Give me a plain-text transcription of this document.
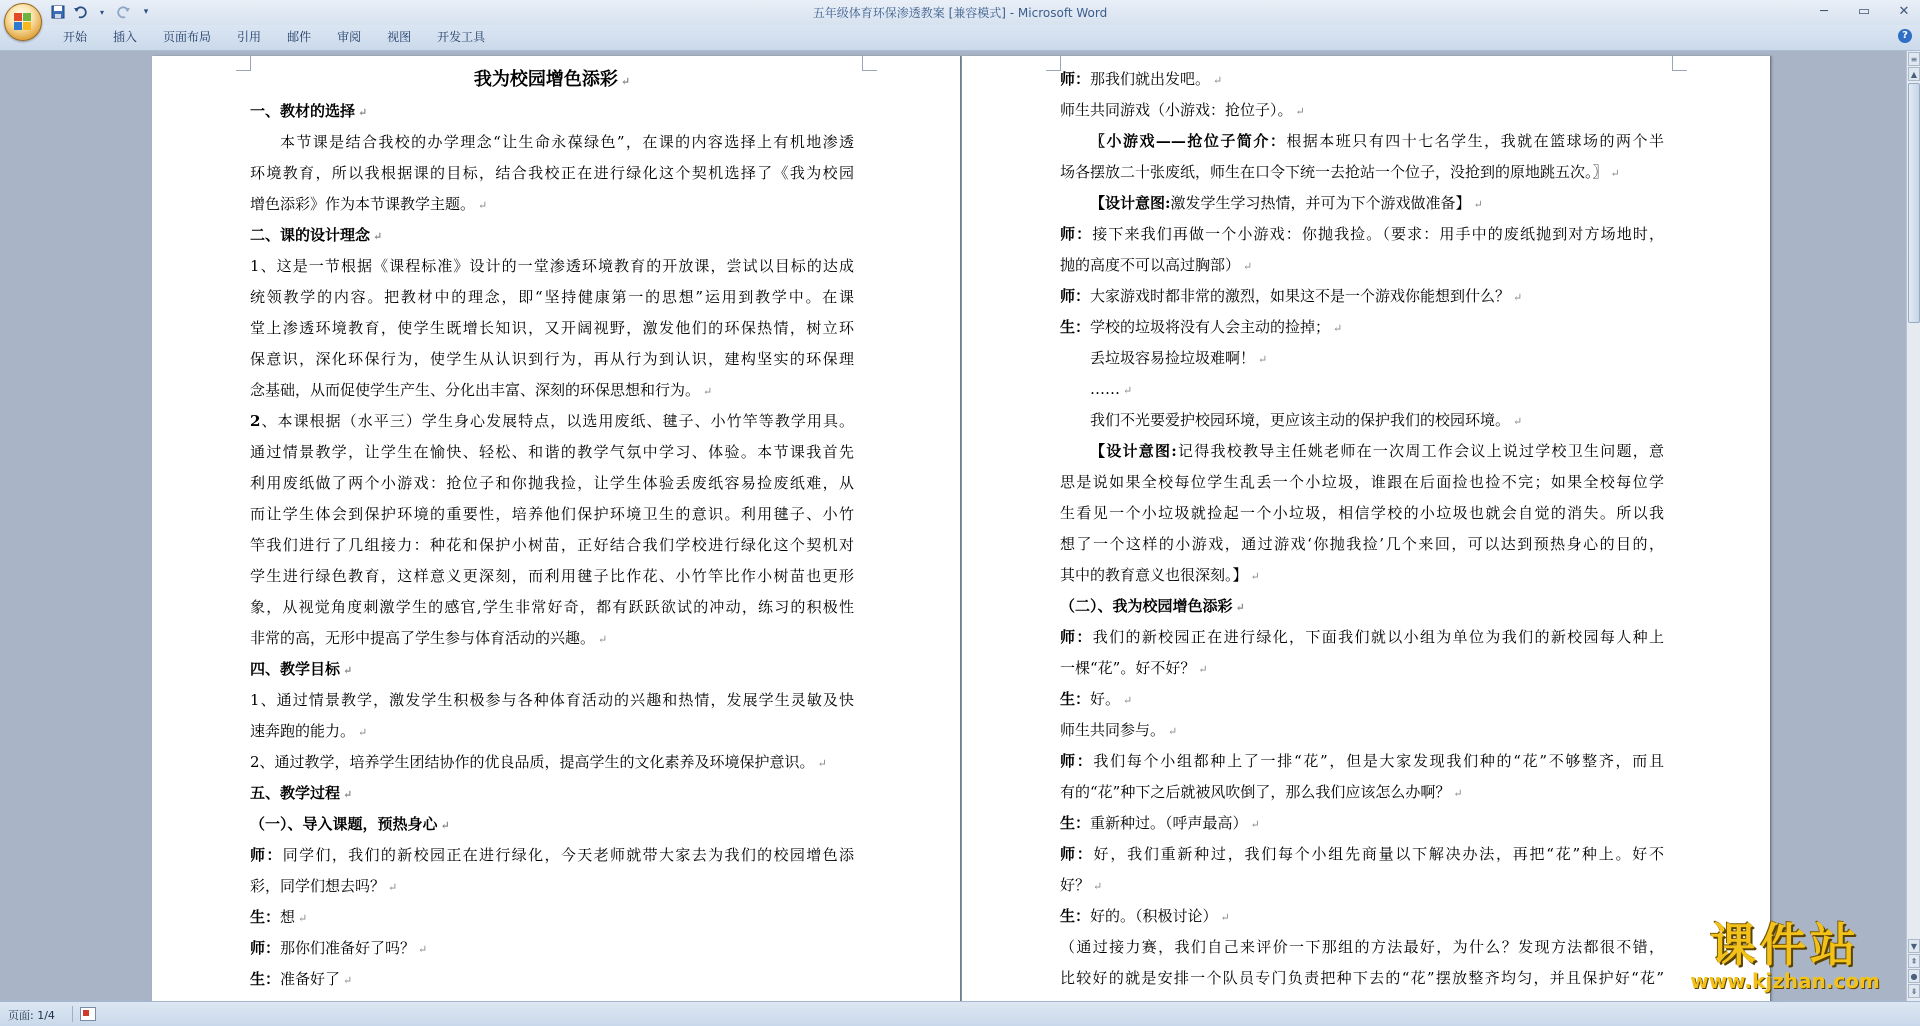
▾	▾	五年级体育环保渗透教案 [兼容模式] - Microsoft Word	─	▭	✕
开始	插入	页面布局	引用	邮件	审阅	视图	开发工具	?
我为校园增色添彩 ↵
一、教材的选择 ↵
本节课是结合我校的办学理念“让生命永葆绿色”，在课的内容选择上有机地渗透
环境教育，所以我根据课的目标，结合我校正在进行绿化这个契机选择了《我为校园
增色添彩》作为本节课教学主题。 ↵
二、课的设计理念 ↵
1、这是一节根据《课程标准》设计的一堂渗透环境教育的开放课，尝试以目标的达成
统领教学的内容。把教材中的理念，即“坚持健康第一的思想”运用到教学中。在课
堂上渗透环境教育，使学生既增长知识，又开阔视野，激发他们的环保热情，树立环
保意识，深化环保行为，使学生从认识到行为，再从行为到认识，建构坚实的环保理
念基础，从而促使学生产生、分化出丰富、深刻的环保思想和行为。 ↵
2、本课根据（水平三）学生身心发展特点，以选用废纸、毽子、小竹竿等教学用具。
通过情景教学，让学生在愉快、轻松、和谐的教学气氛中学习、体验。本节课我首先
利用废纸做了两个小游戏：抢位子和你抛我捡，让学生体验丢废纸容易捡废纸难，从
而让学生体会到保护环境的重要性，培养他们保护环境卫生的意识。利用毽子、小竹
竿我们进行了几组接力：种花和保护小树苗，正好结合我们学校进行绿化这个契机对
学生进行绿色教育，这样意义更深刻，而利用毽子比作花、小竹竿比作小树苗也更形
象，从视觉角度刺激学生的感官,学生非常好奇，都有跃跃欲试的冲动，练习的积极性
非常的高，无形中提高了学生参与体育活动的兴趣。 ↵
四、教学目标 ↵
1、通过情景教学，激发学生积极参与各种体育活动的兴趣和热情，发展学生灵敏及快
速奔跑的能力。 ↵
2、通过教学，培养学生团结协作的优良品质，提高学生的文化素养及环境保护意识。 ↵
五、教学过程 ↵
（一）、导入课题，预热身心 ↵
师：同学们，我们的新校园正在进行绿化，今天老师就带大家去为我们的校园增色添
彩，同学们想去吗？ ↵
生：想 ↵
师：那你们准备好了吗？ ↵
生：准备好了 ↵
师：那我们就出发吧。 ↵
师生共同游戏（小游戏：抢位子）。 ↵
〖小游戏——抢位子简介：根据本班只有四十七名学生，我就在篮球场的两个半
场各摆放二十张废纸，师生在口令下统一去抢站一个位子，没抢到的原地跳五次。〗 ↵
【设计意图:激发学生学习热情，并可为下个游戏做准备】 ↵
师：接下来我们再做一个小游戏：你抛我捡。（要求：用手中的废纸抛到对方场地时，
抛的高度不可以高过胸部） ↵
师：大家游戏时都非常的激烈，如果这不是一个游戏你能想到什么？ ↵
生：学校的垃圾将没有人会主动的捡掉； ↵
丢垃圾容易捡垃圾难啊！ ↵
…… ↵
我们不光要爱护校园环境，更应该主动的保护我们的校园环境。 ↵
【设计意图:记得我校教导主任姚老师在一次周工作会议上说过学校卫生问题，意
思是说如果全校每位学生乱丢一个小垃圾，谁跟在后面捡也捡不完；如果全校每位学
生看见一个小垃圾就捡起一个小垃圾，相信学校的小垃圾也就会自觉的消失。所以我
想了一个这样的小游戏，通过游戏‘你抛我捡’几个来回，可以达到预热身心的目的，
其中的教育意义也很深刻。】 ↵
（二）、我为校园增色添彩 ↵
师：我们的新校园正在进行绿化，下面我们就以小组为单位为我们的新校园每人种上
一棵“花”。好不好？ ↵
生：好。 ↵
师生共同参与。 ↵
师：我们每个小组都种上了一排“花”，但是大家发现我们种的“花”不够整齐，而且
有的“花”种下之后就被风吹倒了，那么我们应该怎么办啊？ ↵
生：重新种过。（呼声最高） ↵
师：好，我们重新种过，我们每个小组先商量以下解决办法，再把“花”种上。好不
好？ ↵
生：好的。（积极讨论） ↵
（通过接力赛，我们自己来评价一下那组的方法最好，为什么？发现方法都很不错，
比较好的就是安排一个队员专门负责把种下去的“花”摆放整齐均匀，并且保护好“花”
≡
▲
▼
⇞
●
⇟
页面: 1/4
课件站
www.kjzhan.com
